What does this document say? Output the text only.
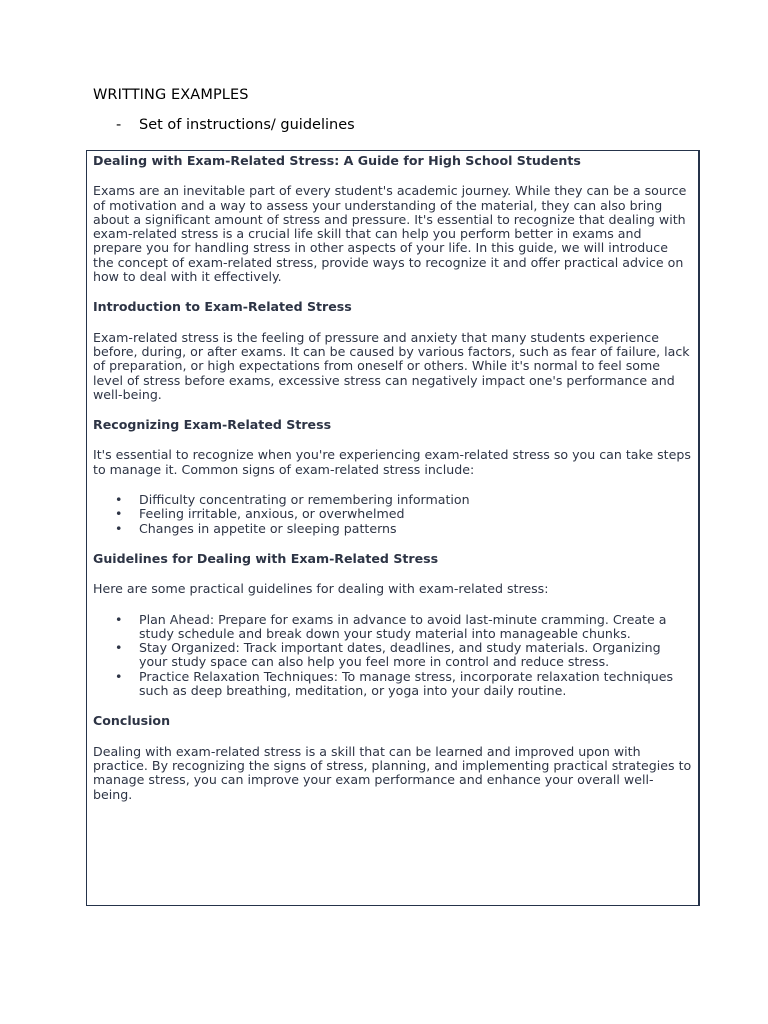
WRITTING EXAMPLES
- Set of instructions/ guidelines
Dealing with Exam-Related Stress: A Guide for High School Students

Exams are an inevitable part of every student's academic journey. While they can be a source of motivation and a way to assess your understanding of the material, they can also bring about a significant amount of stress and pressure. It's essential to recognize that dealing with exam-related stress is a crucial life skill that can help you perform better in exams and prepare you for handling stress in other aspects of your life. In this guide, we will introduce the concept of exam-related stress, provide ways to recognize it and offer practical advice on how to deal with it effectively.

Introduction to Exam-Related Stress

Exam-related stress is the feeling of pressure and anxiety that many students experience before, during, or after exams. It can be caused by various factors, such as fear of failure, lack of preparation, or high expectations from oneself or others. While it's normal to feel some level of stress before exams, excessive stress can negatively impact one's performance and well-being.

Recognizing Exam-Related Stress

It's essential to recognize when you're experiencing exam-related stress so you can take steps to manage it. Common signs of exam-related stress include:

• Difficulty concentrating or remembering information
• Feeling irritable, anxious, or overwhelmed
• Changes in appetite or sleeping patterns
Guidelines for Dealing with Exam-Related Stress

Here are some practical guidelines for dealing with exam-related stress:

• Plan Ahead: Prepare for exams in advance to avoid last-minute cramming. Create a study schedule and break down your study material into manageable chunks.
• Stay Organized: Track important dates, deadlines, and study materials. Organizing your study space can also help you feel more in control and reduce stress.
• Practice Relaxation Techniques: To manage stress, incorporate relaxation techniques such as deep breathing, meditation, or yoga into your daily routine.
Conclusion

Dealing with exam-related stress is a skill that can be learned and improved upon with practice. By recognizing the signs of stress, planning, and implementing practical strategies to manage stress, you can improve your exam performance and enhance your overall well-being.
